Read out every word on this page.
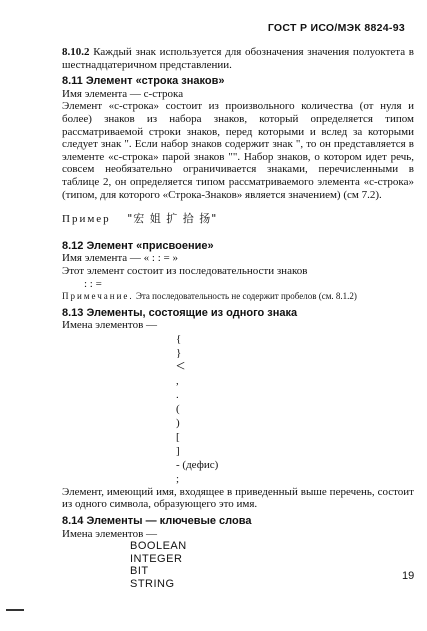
ГОСТ Р ИСО/МЭК 8824-93

8.10.2 Каждый знак используется для обозначения значения полуоктета в шестнадцатеричном представлении.

8.11 Элемент «строка знаков»
Имя элемента — с-строка

Элемент «с-строка» состоит из произвольного количества (от нуля и более) знаков из набора знаков, который определяется типом рассматриваемой строки знаков, перед которыми и вслед за которыми следует знак ". Если набор знаков содержит знак ", то он представляется в элементе «с-строка» парой знаков "". Набор знаков, о котором идет речь, совсем необязательно ограничивается знаками, перечисленными в таблице 2, он определяется типом рассматриваемого элемента «с-строка» (типом, для которого «Строка-Знаков» является значением) (см 7.2).

Пример "宏 姐 扩 拾 扬"
8.12 Элемент «присвоение»
Имя элемента — « : : = »
Этот элемент состоит из последовательности знаков
: : =

Примечание. Эта последовательность не содержит пробелов (см. 8.1.2)

8.13 Элементы, состоящие из одного знака
Имена элементов —
{
}
<
,
.
(
)
[
]
- (дефис)
;

Элемент, имеющий имя, входящее в приведенный выше перечень, состоит из одного символа, образующего это имя.

8.14 Элементы — ключевые слова
Имена элементов —
BOOLEAN
INTEGER
BIT
STRING
19
